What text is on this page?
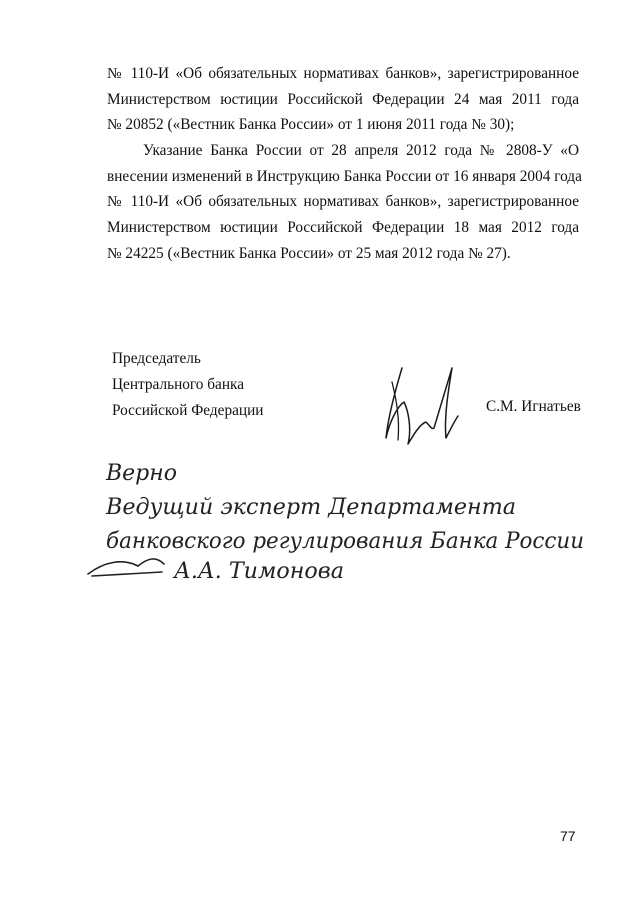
№ 110-И «Об обязательных нормативах банков», зарегистрированное
Министерством юстиции Российской Федерации 24 мая 2011 года
№ 20852 («Вестник Банка России» от 1 июня 2011 года № 30);
Указание Банка России от 28 апреля 2012 года № 2808-У «О
внесении изменений в Инструкцию Банка России от 16 января 2004 года
№ 110-И «Об обязательных нормативах банков», зарегистрированное
Министерством юстиции Российской Федерации 18 мая 2012 года
№ 24225 («Вестник Банка России» от 25 мая 2012 года № 27).
Председатель
Центрального банка
Российской Федерации	С.М. Игнатьев
Верно
Ведущий эксперт Департамента
банковского регулирования Банка России
А.А. Тимонова
77
